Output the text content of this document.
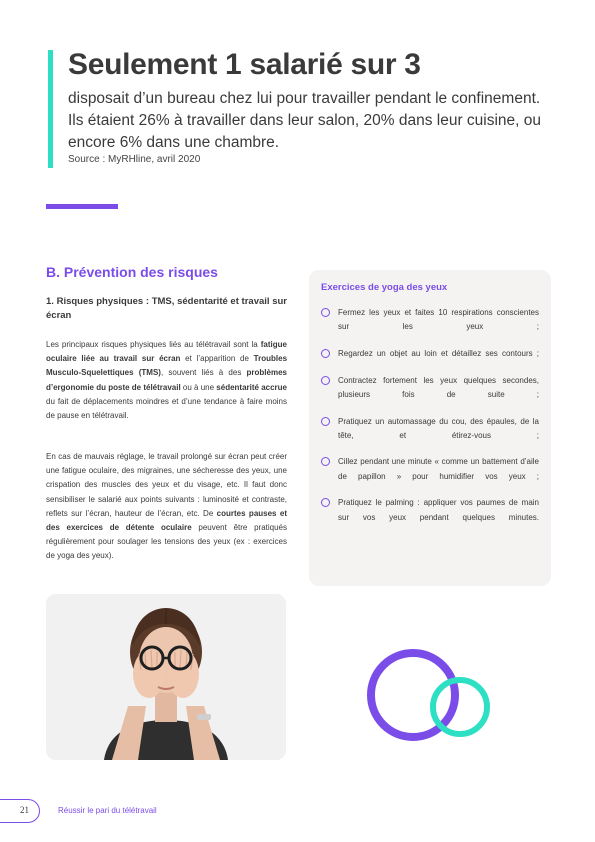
Seulement 1 salarié sur 3

disposait d’un bureau chez lui pour travailler pendant le confinement. Ils étaient 26% à travailler dans leur salon, 20% dans leur cuisine, ou encore 6% dans une chambre.

Source : MyRHline, avril 2020

B. Prévention des risques
1. Risques physiques : TMS, sédentarité et travail sur écran

Les principaux risques physiques liés au télétravail sont la fatigue oculaire liée au travail sur écran et l’apparition de Troubles Musculo-Squelettiques (TMS), souvent liés à des problèmes d’ergonomie du poste de télétravail ou à une sédentarité accrue du fait de déplacements moindres et d’une tendance à faire moins de pause en télétravail.

En cas de mauvais réglage, le travail prolongé sur écran peut créer une fatigue oculaire, des migraines, une sécheresse des yeux, une crispation des muscles des yeux et du visage, etc. Il faut donc sensibiliser le salarié aux points suivants : luminosité et contraste, reflets sur l’écran, hauteur de l’écran, etc. De courtes pauses et des exercices de détente oculaire peuvent être pratiqués régulièrement pour soulager les tensions des yeux (ex : exercices de yoga des yeux).

Exercices de yoga des yeux
Fermez les yeux et faites 10 respirations conscientes sur les yeux ;
Regardez un objet au loin et détaillez ses contours ;
Contractez fortement les yeux quelques secondes, plusieurs fois de suite ;
Pratiquez un automassage du cou, des épaules, de la tête, et étirez-vous ;
Cillez pendant une minute « comme un battement d’aile de papillon » pour humidifier vos yeux ;
Pratiquez le palming : appliquer vos paumes de main sur vos yeux pendant quelques minutes.
21	Réussir le pari du télétravail
